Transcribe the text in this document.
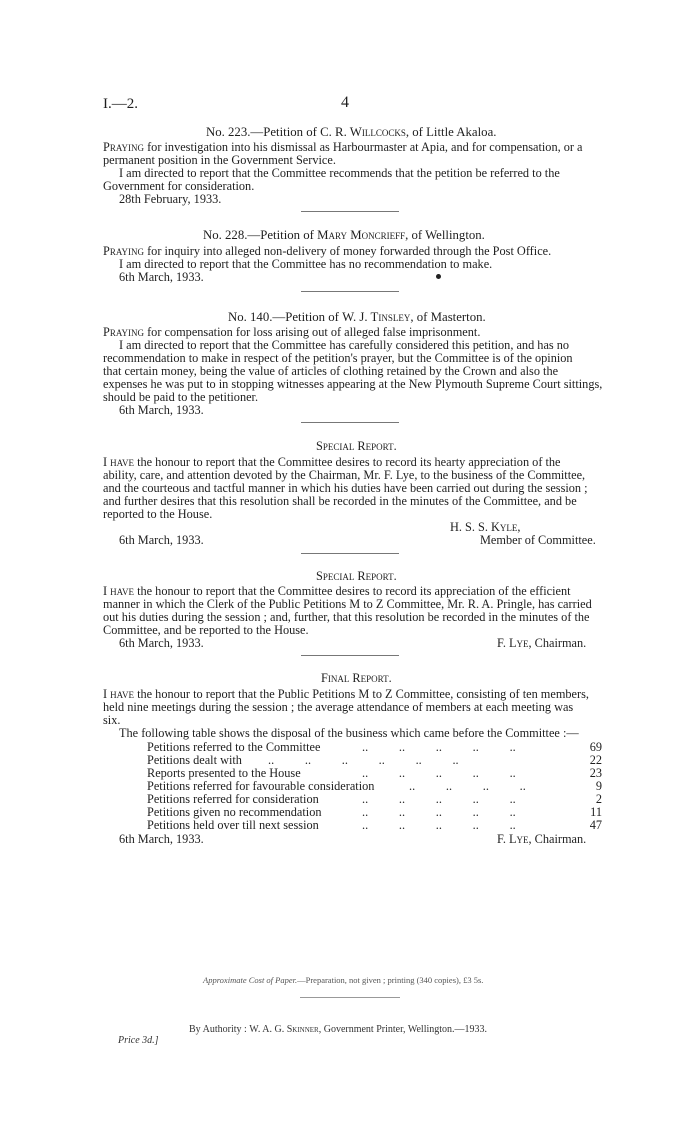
I.—2.	4
No. 223.—Petition of C. R. Willcocks, of Little Akaloa.
Praying for investigation into his dismissal as Harbourmaster at Apia, and for compensation, or a
permanent position in the Government Service.
I am directed to report that the Committee recommends that the petition be referred to the
Government for consideration.
28th February, 1933.
No. 228.—Petition of Mary Moncrieff, of Wellington.
Praying for inquiry into alleged non-delivery of money forwarded through the Post Office.
I am directed to report that the Committee has no recommendation to make.
6th March, 1933.
No. 140.—Petition of W. J. Tinsley, of Masterton.
Praying for compensation for loss arising out of alleged false imprisonment.
I am directed to report that the Committee has carefully considered this petition, and has no
recommendation to make in respect of the petition's prayer, but the Committee is of the opinion
that certain money, being the value of articles of clothing retained by the Crown and also the
expenses he was put to in stopping witnesses appearing at the New Plymouth Supreme Court sittings,
should be paid to the petitioner.
6th March, 1933.
Special Report.
I have the honour to report that the Committee desires to record its hearty appreciation of the
ability, care, and attention devoted by the Chairman, Mr. F. Lye, to the business of the Committee,
and the courteous and tactful manner in which his duties have been carried out during the session ;
and further desires that this resolution shall be recorded in the minutes of the Committee, and be
reported to the House.
H. S. S. Kyle,
6th March, 1933.	Member of Committee.
Special Report.
I have the honour to report that the Committee desires to record its appreciation of the efficient
manner in which the Clerk of the Public Petitions M to Z Committee, Mr. R. A. Pringle, has carried
out his duties during the session ; and, further, that this resolution be recorded in the minutes of the
Committee, and be reported to the House.
6th March, 1933.	F. Lye, Chairman.
Final Report.
I have the honour to report that the Public Petitions M to Z Committee, consisting of ten members,
held nine meetings during the session ; the average attendance of members at each meeting was
six.
The following table shows the disposal of the business which came before the Committee :—
Petitions referred to the Committee	..          ..          ..          ..          ..	69
Petitions dealt with ..          ..          ..          ..          ..          ..	22
Reports presented to the House	..          ..          ..          ..          ..	23
Petitions referred for favourable consideration	..          ..          ..          ..	9
Petitions referred for consideration	..          ..          ..          ..          ..	2
Petitions given no recommendation	..          ..          ..          ..          ..	11
Petitions held over till next session	..          ..          ..          ..          ..	47
6th March, 1933.	F. Lye, Chairman.
Approximate Cost of Paper.—Preparation, not given ; printing (340 copies), £3 5s.
By Authority : W. A. G. Skinner, Government Printer, Wellington.—1933.
Price 3d.]
